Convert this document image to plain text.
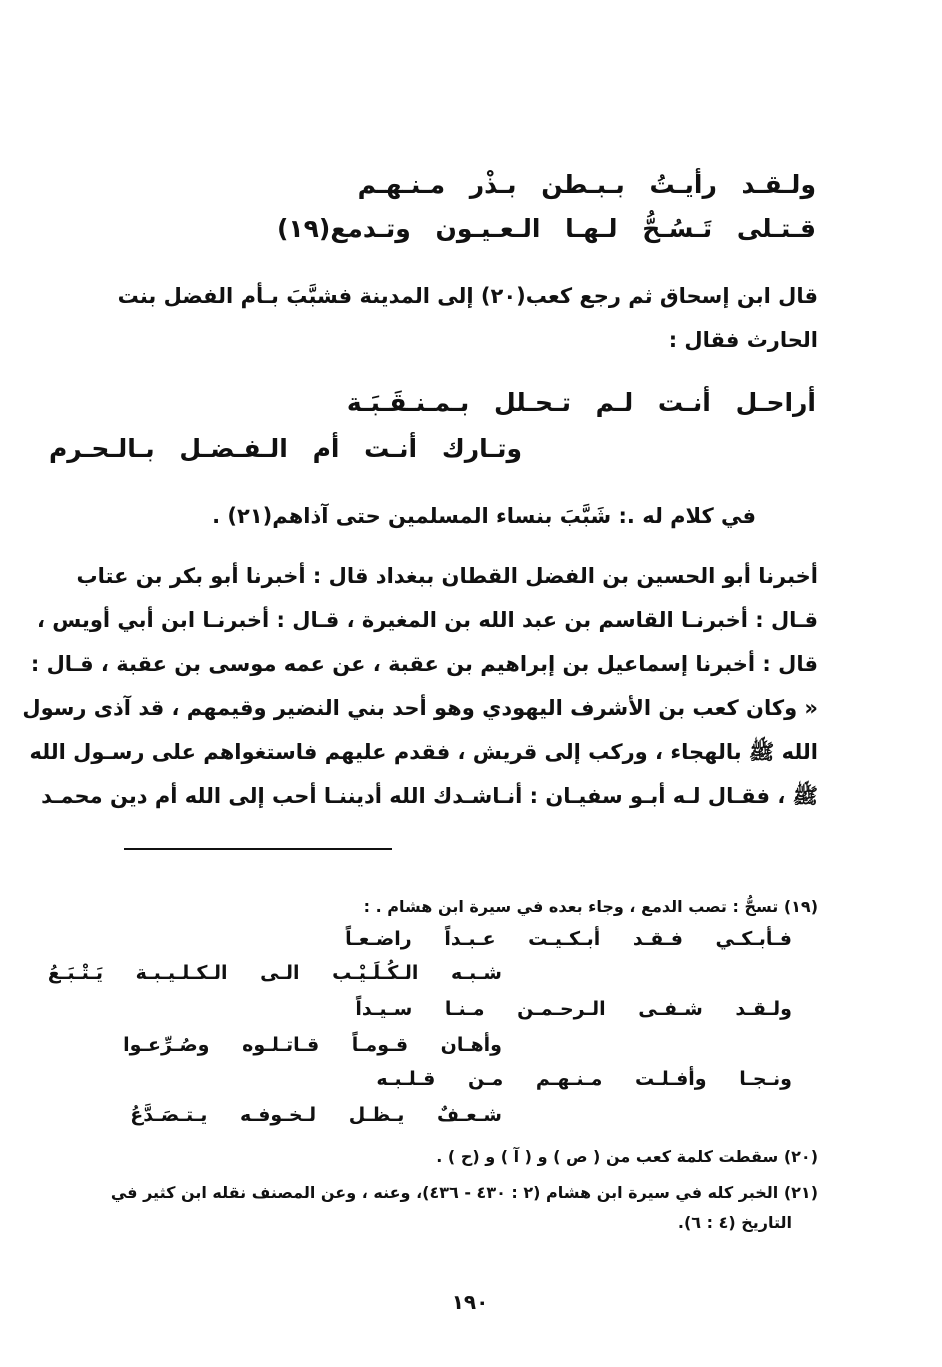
ولـقـد رأيـتُ بـبـطن بـذْر مـنـهـم
قـتـلى تَـسُـحُّ لـهـا الـعـيـون وتـدمع(١٩)
قال ابن إسحاق ثم رجع كعب(٢٠) إلى المدينة فشبَّبَ بـأم الفضل بنت
الحارث فقال :
أراحـل أنـت لـم تـحـلل بـمـنـقَـبَـة
وتـارك أنـت أم الـفـضـل بـالـحـرم
في كلام له .: شَبَّبَ بنساء المسلمين حتى آذاهم(٢١) .
أخبرنا أبو الحسين بن الفضل القطان ببغداد قال : أخبرنا أبو بكر بن عتاب
قـال : أخبرنـا القاسم بن عبد الله بن المغيرة ، قـال : أخبرنـا ابن أبي أويس ،
قال : أخبرنا إسماعيل بن إبراهيم بن عقبة ، عن عمه موسى بن عقبة ، قـال :
« وكان كعب بن الأشرف اليهودي وهو أحد بني النضير وقيمهم ، قد آذى رسول
الله ﷺ بالهجاء ، وركب إلى قريش ، فقدم عليهم فاستغواهم على رسـول الله
ﷺ ، فقـال لـه أبـو سفيـان : أنـاشـدك الله أديننـا أحب إلى الله أم دين محمـد
(١٩) تسحُّ : تصب الدمع ، وجاء بعده في سيرة ابن هشام . :
فـأبـكـي فـقـد أبـكـيـت عـبـداً راضـعـاً
شـبـه الـكُـلَـيْـب الـى الـكـلـيـبـة يَـتْـبَـعُ
ولـقـد شـفـى الـرحـمـن مـنـا سـيـداً
وأهـان قـومـاً قـاتـلـوه وصُـرِّعـوا
ونـجـا وأفـلـت مـنـهـم مـن قـلـبـه
شـعـفٌ يـظـل لـخـوفـه يـتـصَـدَّعُ
(٢٠) سقطت كلمة كعب من ( ص ) و ( آ ) و (ح ) .
(٢١) الخبر كله في سيرة ابن هشام (٢ : ٤٣٠ - ٤٣٦)، وعنه ، وعن المصنف نقله ابن كثير في
التاريخ (٤ : ٦).
١٩٠
